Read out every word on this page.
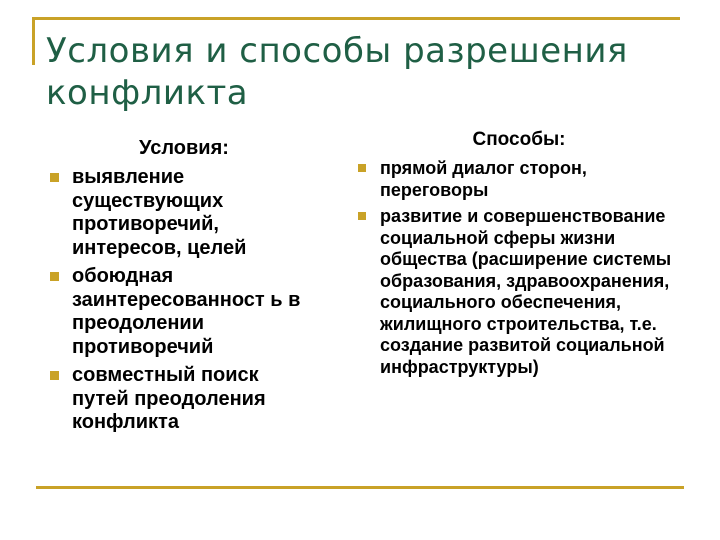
Условия и способы разрешения конфликта
Условия:
выявление существующих противоречий, интересов, целей
обоюдная заинтересованност ь в преодолении противоречий
совместный поиск путей преодоления конфликта
Способы:
прямой диалог сторон, переговоры
развитие и совершенствование социальной сферы жизни общества (расширение системы образования, здравоохранения, социального обеспечения, жилищного строительства, т.е. создание развитой социальной инфраструктуры)
